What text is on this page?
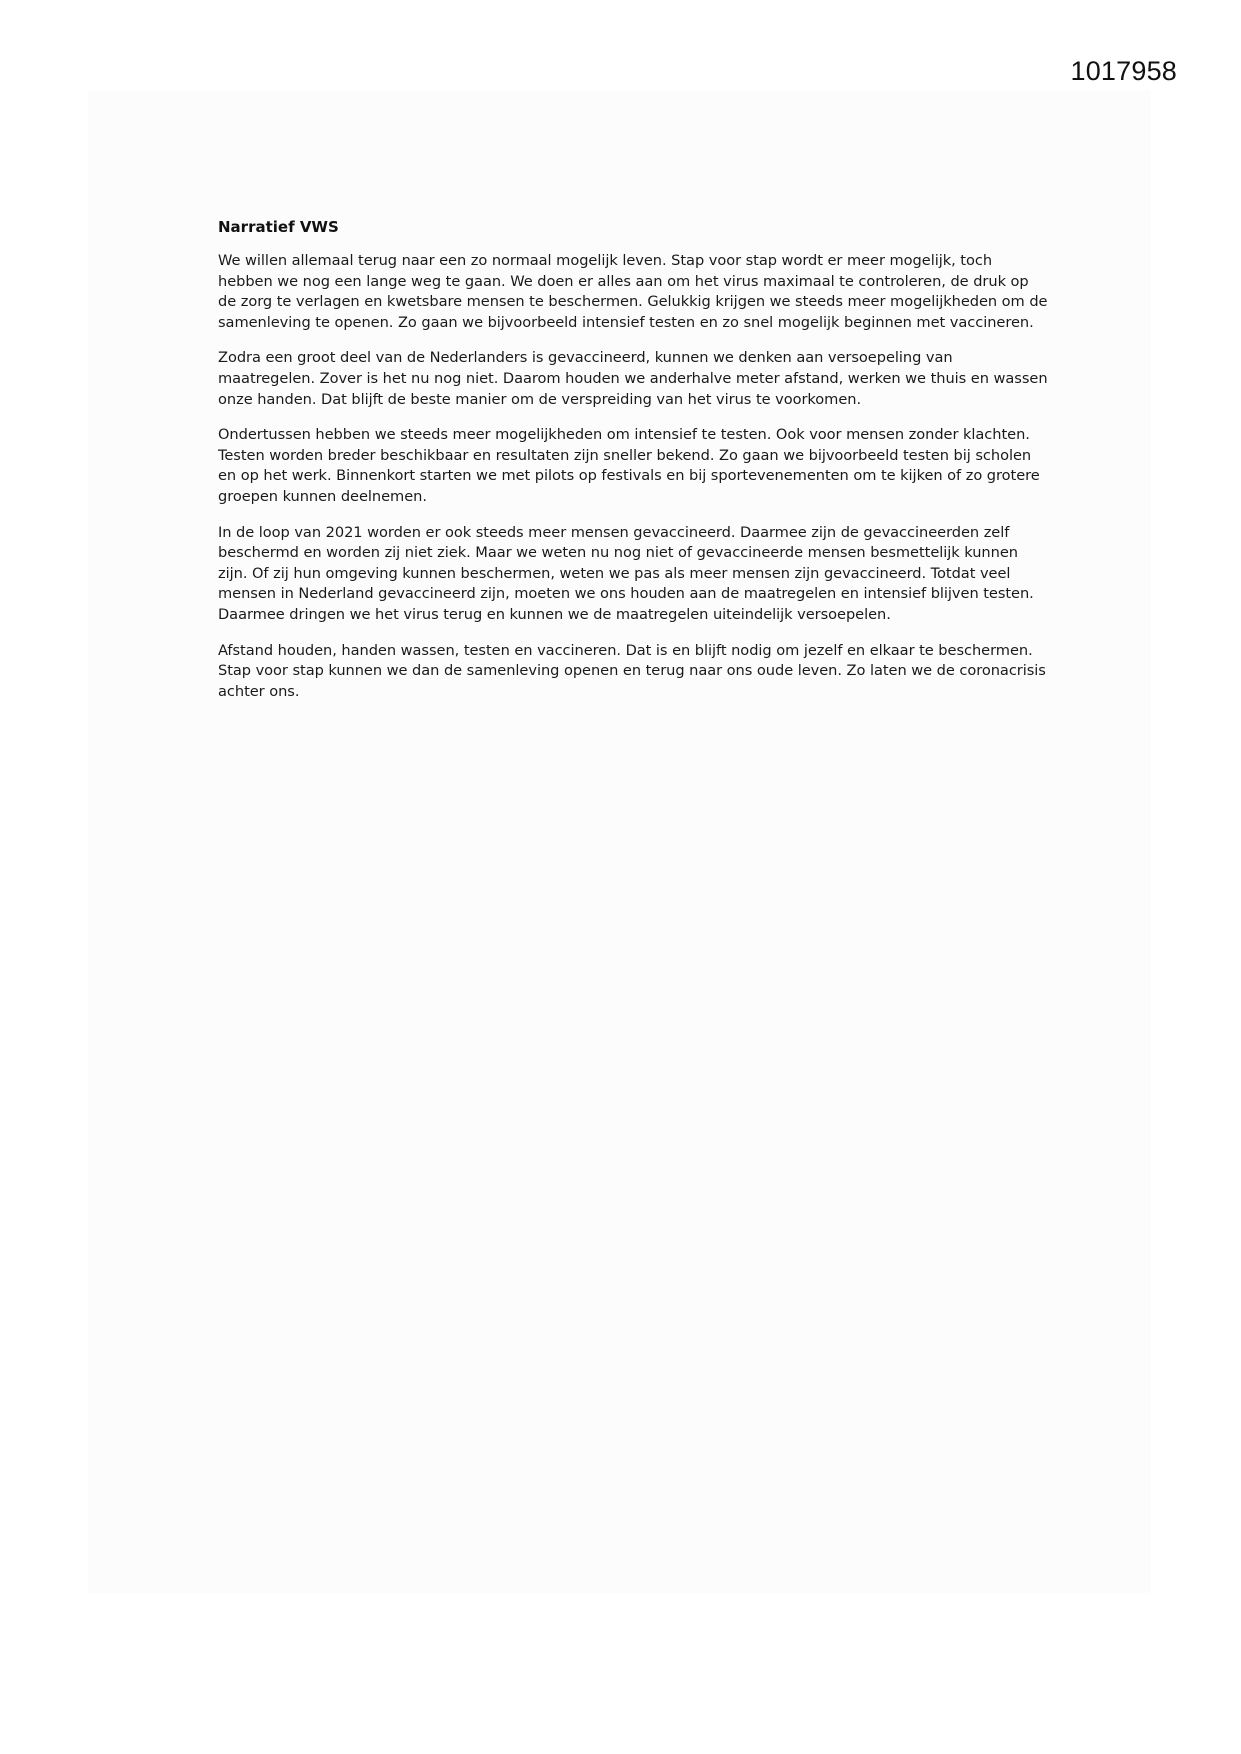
1017958
Narratief VWS

We willen allemaal terug naar een zo normaal mogelijk leven. Stap voor stap wordt er meer mogelijk, toch hebben we nog een lange weg te gaan. We doen er alles aan om het virus maximaal te controleren, de druk op de zorg te verlagen en kwetsbare mensen te beschermen. Gelukkig krijgen we steeds meer mogelijkheden om de samenleving te openen. Zo gaan we bijvoorbeeld intensief testen en zo snel mogelijk beginnen met vaccineren.

Zodra een groot deel van de Nederlanders is gevaccineerd, kunnen we denken aan versoepeling van maatregelen. Zover is het nu nog niet. Daarom houden we anderhalve meter afstand, werken we thuis en wassen onze handen. Dat blijft de beste manier om de verspreiding van het virus te voorkomen.

Ondertussen hebben we steeds meer mogelijkheden om intensief te testen. Ook voor mensen zonder klachten. Testen worden breder beschikbaar en resultaten zijn sneller bekend. Zo gaan we bijvoorbeeld testen bij scholen en op het werk. Binnenkort starten we met pilots op festivals en bij sportevenementen om te kijken of zo grotere groepen kunnen deelnemen.

In de loop van 2021 worden er ook steeds meer mensen gevaccineerd. Daarmee zijn de gevaccineerden zelf beschermd en worden zij niet ziek. Maar we weten nu nog niet of gevaccineerde mensen besmettelijk kunnen zijn. Of zij hun omgeving kunnen beschermen, weten we pas als meer mensen zijn gevaccineerd. Totdat veel mensen in Nederland gevaccineerd zijn, moeten we ons houden aan de maatregelen en intensief blijven testen. Daarmee dringen we het virus terug en kunnen we de maatregelen uiteindelijk versoepelen.

Afstand houden, handen wassen, testen en vaccineren. Dat is en blijft nodig om jezelf en elkaar te beschermen. Stap voor stap kunnen we dan de samenleving openen en terug naar ons oude leven. Zo laten we de coronacrisis achter ons.
